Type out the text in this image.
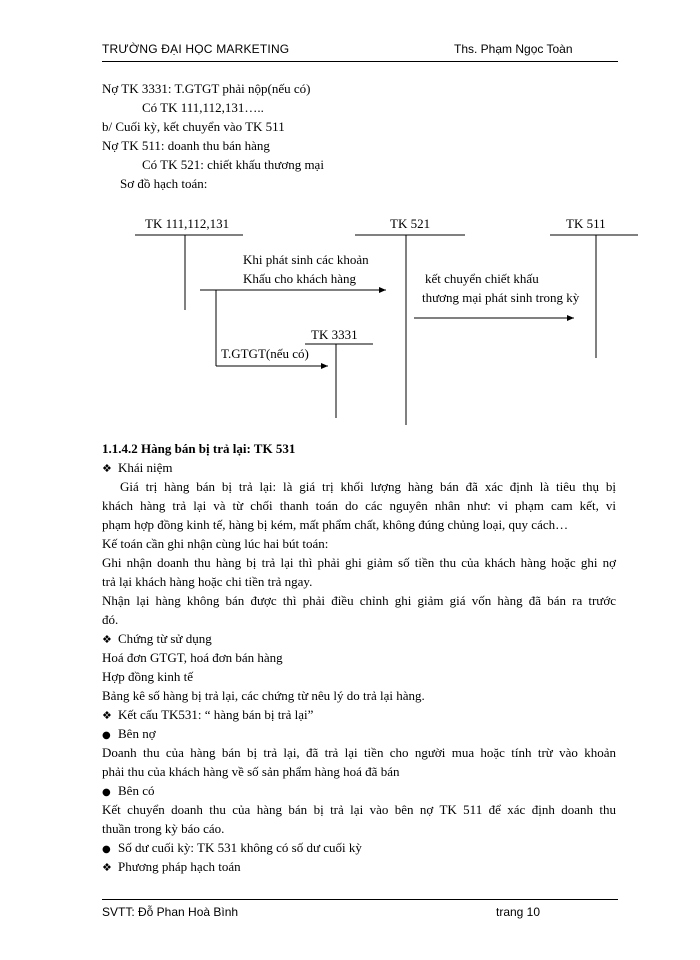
TRƯỜNG ĐẠI HỌC MARKETING	Ths. Phạm Ngọc Toàn
Nợ TK 3331: T.GTGT phải nộp(nếu có)
Có TK 111,112,131…..
b/ Cuối kỳ, kết chuyển vào TK 511
Nợ TK 511: doanh thu bán hàng
Có TK 521: chiết khấu thương mại
Sơ đồ hạch toán:
TK 111,112,131	TK 521	TK 511
TK 3331
Khi phát sinh các khoản
Khấu cho khách hàng	kết chuyển chiết khấu
thương mại phát sinh trong kỳ
T.GTGT(nếu có)
1.1.4.2 Hàng bán bị trả lại: TK 531
❖ Khái niệm
Giá trị hàng bán bị trả lại: là giá trị khối lượng hàng bán đã xác định là tiêu thụ bị
khách hàng trả lại và từ chối thanh toán do các nguyên nhân như: vi phạm cam kết, vi
phạm hợp đồng kinh tế, hàng bị kém, mất phẩm chất, không đúng chủng loại, quy cách…
Kế toán cần ghi nhận cùng lúc hai bút toán:
Ghi nhận doanh thu hàng bị trả lại thì phải ghi giảm số tiền thu của khách hàng hoặc ghi nợ
trả lại khách hàng hoặc chi tiền trả ngay.
Nhận lại hàng không bán được thì phải điều chỉnh ghi giảm giá vốn hàng đã bán ra trước
đó.
❖ Chứng từ sử dụng
Hoá đơn GTGT, hoá đơn bán hàng
Hợp đồng kinh tế
Bảng kê số hàng bị trả lại, các chứng từ nêu lý do trả lại hàng.
❖ Kết cấu TK531: “ hàng bán bị trả lại”
● Bên nợ
Doanh thu của hàng bán bị trả lại, đã trả lại tiền cho người mua hoặc tính trừ vào khoản
phải thu của khách hàng về số sản phẩm hàng hoá đã bán
● Bên có
Kết chuyển doanh thu của hàng bán bị trả lại vào bên nợ TK 511 để xác định doanh thu
thuần trong kỳ báo cáo.
● Số dư cuối kỳ: TK 531 không có số dư cuối kỳ
❖ Phương pháp hạch toán
SVTT: Đỗ Phan Hoà Bình	trang 10
